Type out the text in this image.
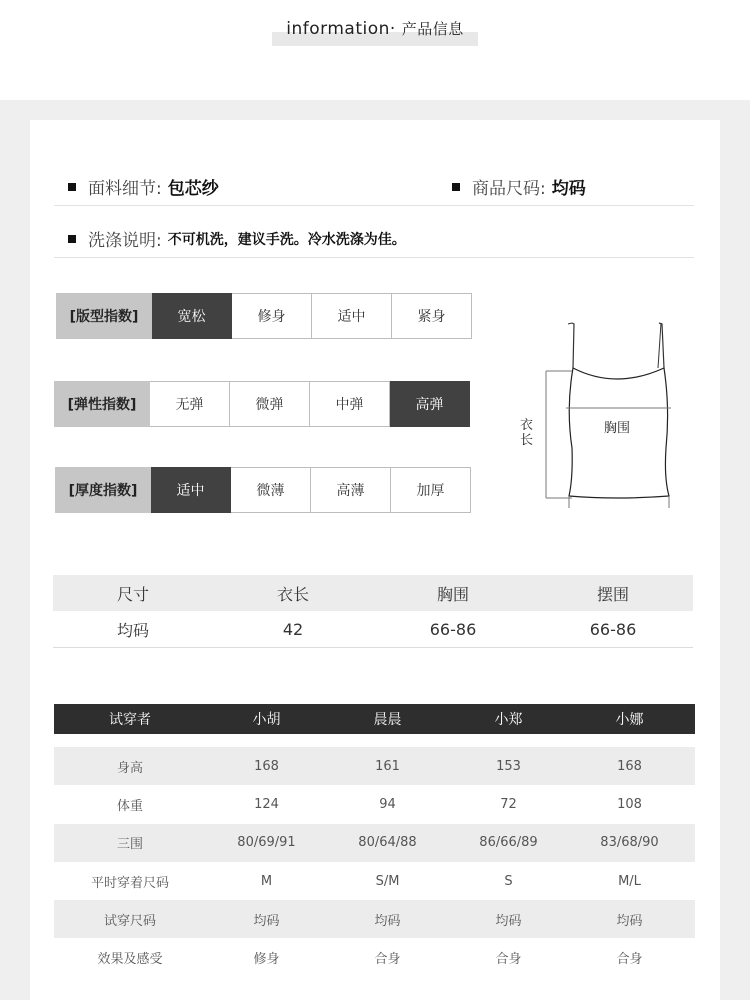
information· 产品信息
面料细节: 包芯纱	商品尺码: 均码
洗涤说明: 不可机洗，建议手洗。冷水洗涤为佳。
[版型指数]	宽松	修身	适中	紧身
[弹性指数]	无弹	微弹	中弹	高弹
[厚度指数]	适中	微薄	高薄	加厚
衣长
胸围
尺寸	衣长	胸围	摆围
均码	42	66-86	66-86
试穿者	小胡	晨晨	小郑	小娜
身高	168	161	153	168
体重	124	94	72	108
三围	80/69/91	80/64/88	86/66/89	83/68/90
平时穿着尺码	M	S/M	S	M/L
试穿尺码	均码	均码	均码	均码
效果及感受	修身	合身	合身	合身
